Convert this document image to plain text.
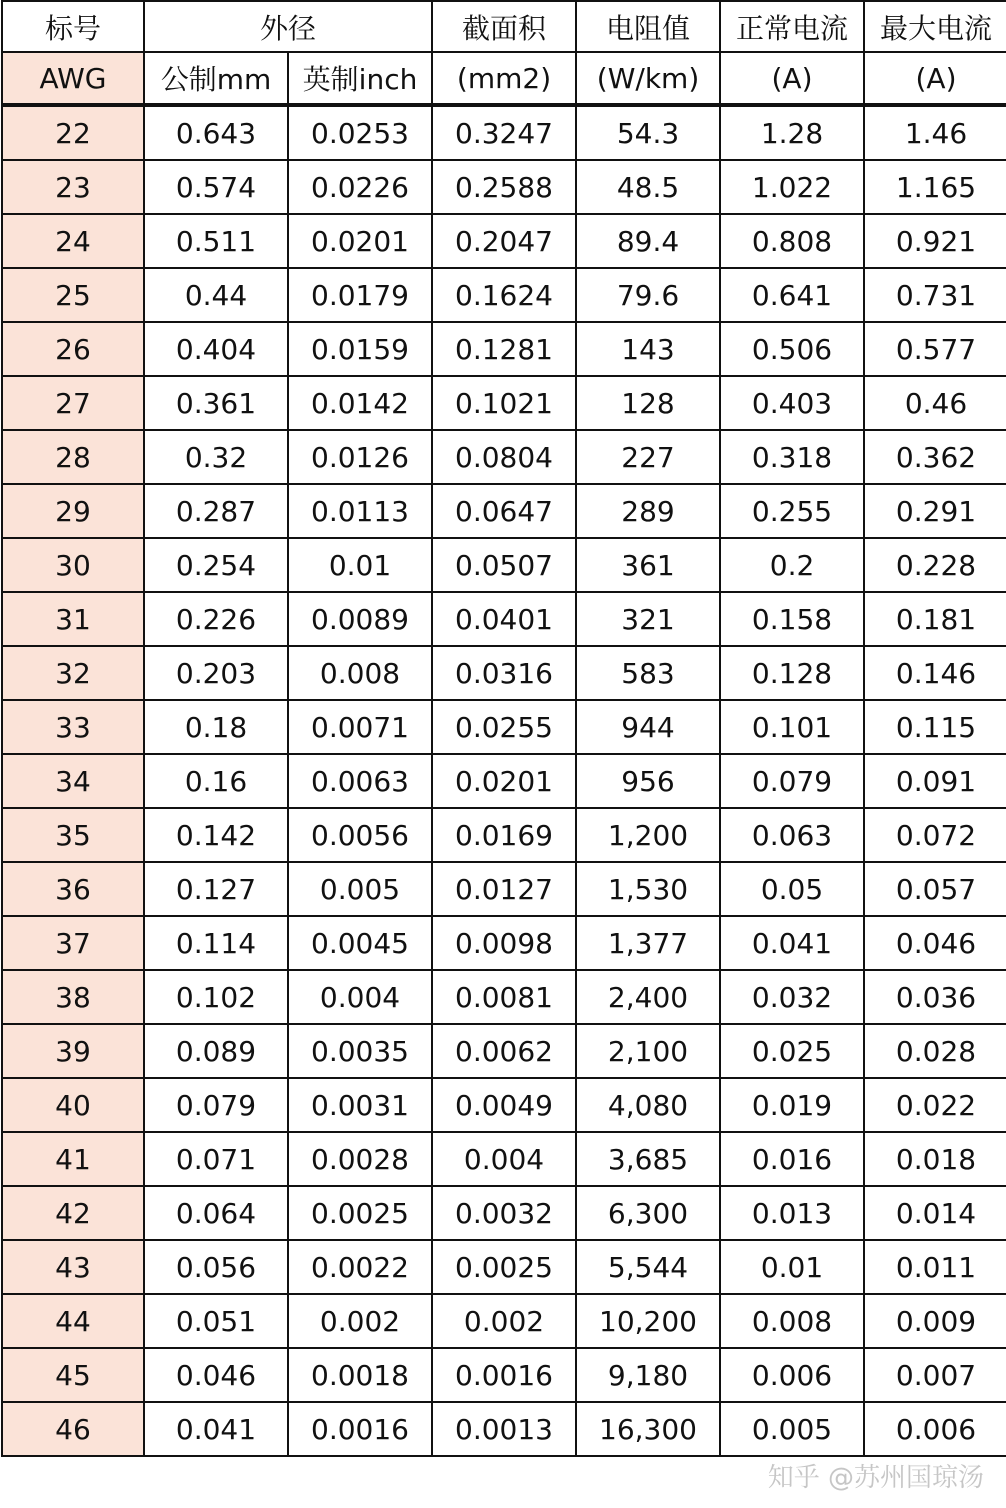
标号	外径		截面积	电阻值	正常电流	最大电流
AWG	公制mm	英制inch	(mm2)	(W/km)	(A)	(A)
22	0.643	0.0253	0.3247	54.3	1.28	1.46
23	0.574	0.0226	0.2588	48.5	1.022	1.165
24	0.511	0.0201	0.2047	89.4	0.808	0.921
25	0.44	0.0179	0.1624	79.6	0.641	0.731
26	0.404	0.0159	0.1281	143	0.506	0.577
27	0.361	0.0142	0.1021	128	0.403	0.46
28	0.32	0.0126	0.0804	227	0.318	0.362
29	0.287	0.0113	0.0647	289	0.255	0.291
30	0.254	0.01	0.0507	361	0.2	0.228
31	0.226	0.0089	0.0401	321	0.158	0.181
32	0.203	0.008	0.0316	583	0.128	0.146
33	0.18	0.0071	0.0255	944	0.101	0.115
34	0.16	0.0063	0.0201	956	0.079	0.091
35	0.142	0.0056	0.0169	1,200	0.063	0.072
36	0.127	0.005	0.0127	1,530	0.05	0.057
37	0.114	0.0045	0.0098	1,377	0.041	0.046
38	0.102	0.004	0.0081	2,400	0.032	0.036
39	0.089	0.0035	0.0062	2,100	0.025	0.028
40	0.079	0.0031	0.0049	4,080	0.019	0.022
41	0.071	0.0028	0.004	3,685	0.016	0.018
42	0.064	0.0025	0.0032	6,300	0.013	0.014
43	0.056	0.0022	0.0025	5,544	0.01	0.011
44	0.051	0.002	0.002	10,200	0.008	0.009
45	0.046	0.0018	0.0016	9,180	0.006	0.007
46	0.041	0.0016	0.0013	16,300	0.005	0.006
知乎 @苏州国琼汤
